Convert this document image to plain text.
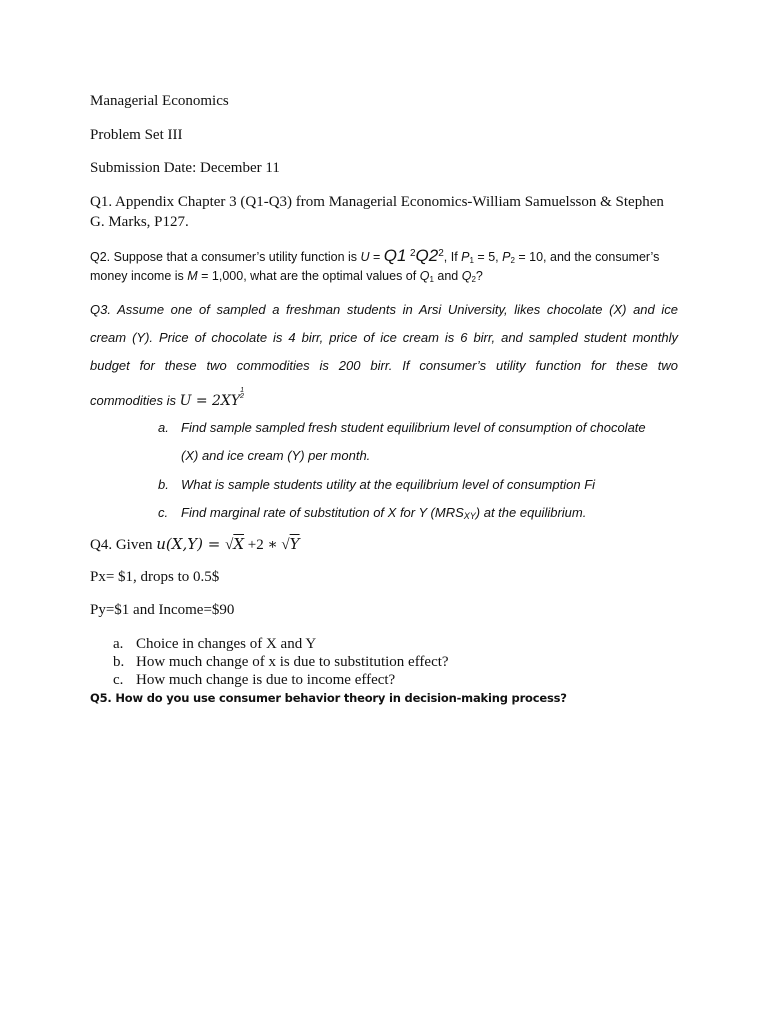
Managerial Economics
Problem Set III
Submission Date: December 11
Q1. Appendix Chapter 3 (Q1-Q3) from Managerial Economics-William Samuelsson & Stephen
G. Marks, P127.
Q2. Suppose that a consumer’s utility function is U = Q1 $^2Q2^2$, If $P_1 = 5$, $P_2 = 10$, and the consumer’s
money income is M = 1,000, what are the optimal values of $Q_1$ and $Q_2$?
Q3. Assume one of sampled a freshman students in Arsi University, likes chocolate (X) and ice
cream (Y). Price of chocolate is 4 birr, price of ice cream is 6 birr, and sampled student monthly
budget for these two commodities is 200 birr. If consumer’s utility function for these two
commodities is U = 2XY1
2
a. Find sample sampled fresh student equilibrium level of consumption of chocolate
(X) and ice cream (Y) per month.
b. What is sample students utility at the equilibrium level of consumption Fi
c. Find marginal rate of substitution of X for Y $(MRS_{XY})$ at the equilibrium.
Q4. Given u(X,Y) = √X +2 ∗ √Y
Px= $1, drops to 0.5$
Py=$1 and Income=$90
a. Choice in changes of X and Y
b. How much change of x is due to substitution effect?
c. How much change is due to income effect?
Q5. How do you use consumer behavior theory in decision-making process?
